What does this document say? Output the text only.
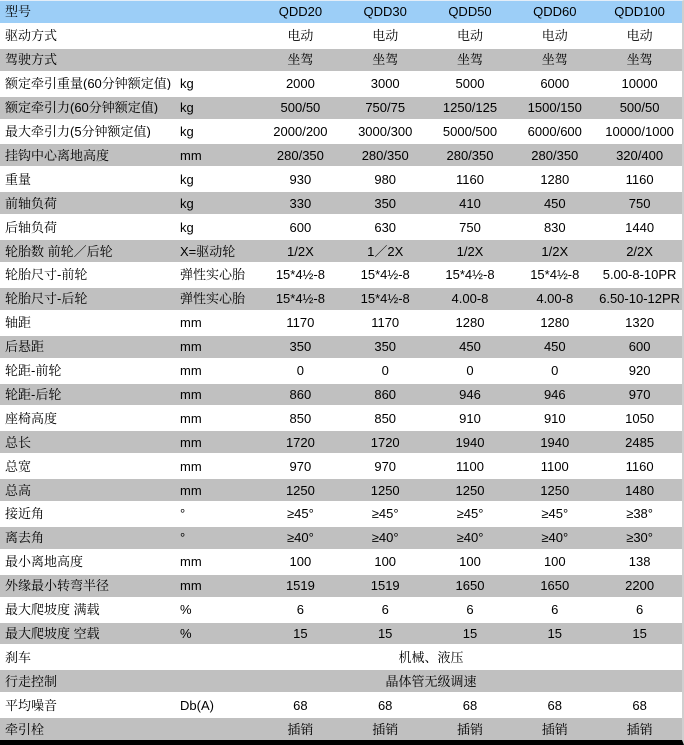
型号	QDD20	QDD30	QDD50	QDD60	QDD100
驱动方式	电动	电动	电动	电动	电动
驾驶方式	坐驾	坐驾	坐驾	坐驾	坐驾
额定牵引重量(60分钟额定值) kg	2000	3000	5000	6000	10000
额定牵引力(60分钟额定值)	kg	500/50	750/75	1250/125	1500/150	500/50
最大牵引力(5分钟额定值)	kg	2000/200	3000/300	5000/500	6000/600	10000/1000
挂钩中心离地高度	mm	280/350	280/350	280/350	280/350	320/400
重量	kg	930	980	1160	1280	1160
前轴负荷	kg	330	350	410	450	750
后轴负荷	kg	600	630	750	830	1440
轮胎数 前轮／后轮	X=驱动轮	1/2X	1／2X	1/2X	1/2X	2/2X
轮胎尺寸-前轮	弹性实心胎	15*4½-8	15*4½-8	15*4½-8	15*4½-8	5.00-8-10PR
轮胎尺寸-后轮	弹性实心胎	15*4½-8	15*4½-8	4.00-8	4.00-8	6.50-10-12PR
轴距	mm	1170	1170	1280	1280	1320
后悬距	mm	350	350	450	450	600
轮距-前轮	mm	0	0	0	0	920
轮距-后轮	mm	860	860	946	946	970
座椅高度	mm	850	850	910	910	1050
总长	mm	1720	1720	1940	1940	2485
总宽	mm	970	970	1100	1100	1160
总高	mm	1250	1250	1250	1250	1480
接近角	°	≥45°	≥45°	≥45°	≥45°	≥38°
离去角	°	≥40°	≥40°	≥40°	≥40°	≥30°
最小离地高度	mm	100	100	100	100	138
外缘最小转弯半径	mm	1519	1519	1650	1650	2200
最大爬坡度 满载	%	6	6	6	6	6
最大爬坡度 空载	%	15	15	15	15	15
刹车	机械、液压
行走控制	晶体管无级调速
平均噪音	Db(A)	68	68	68	68	68
牵引栓	插销	插销	插销	插销	插销
